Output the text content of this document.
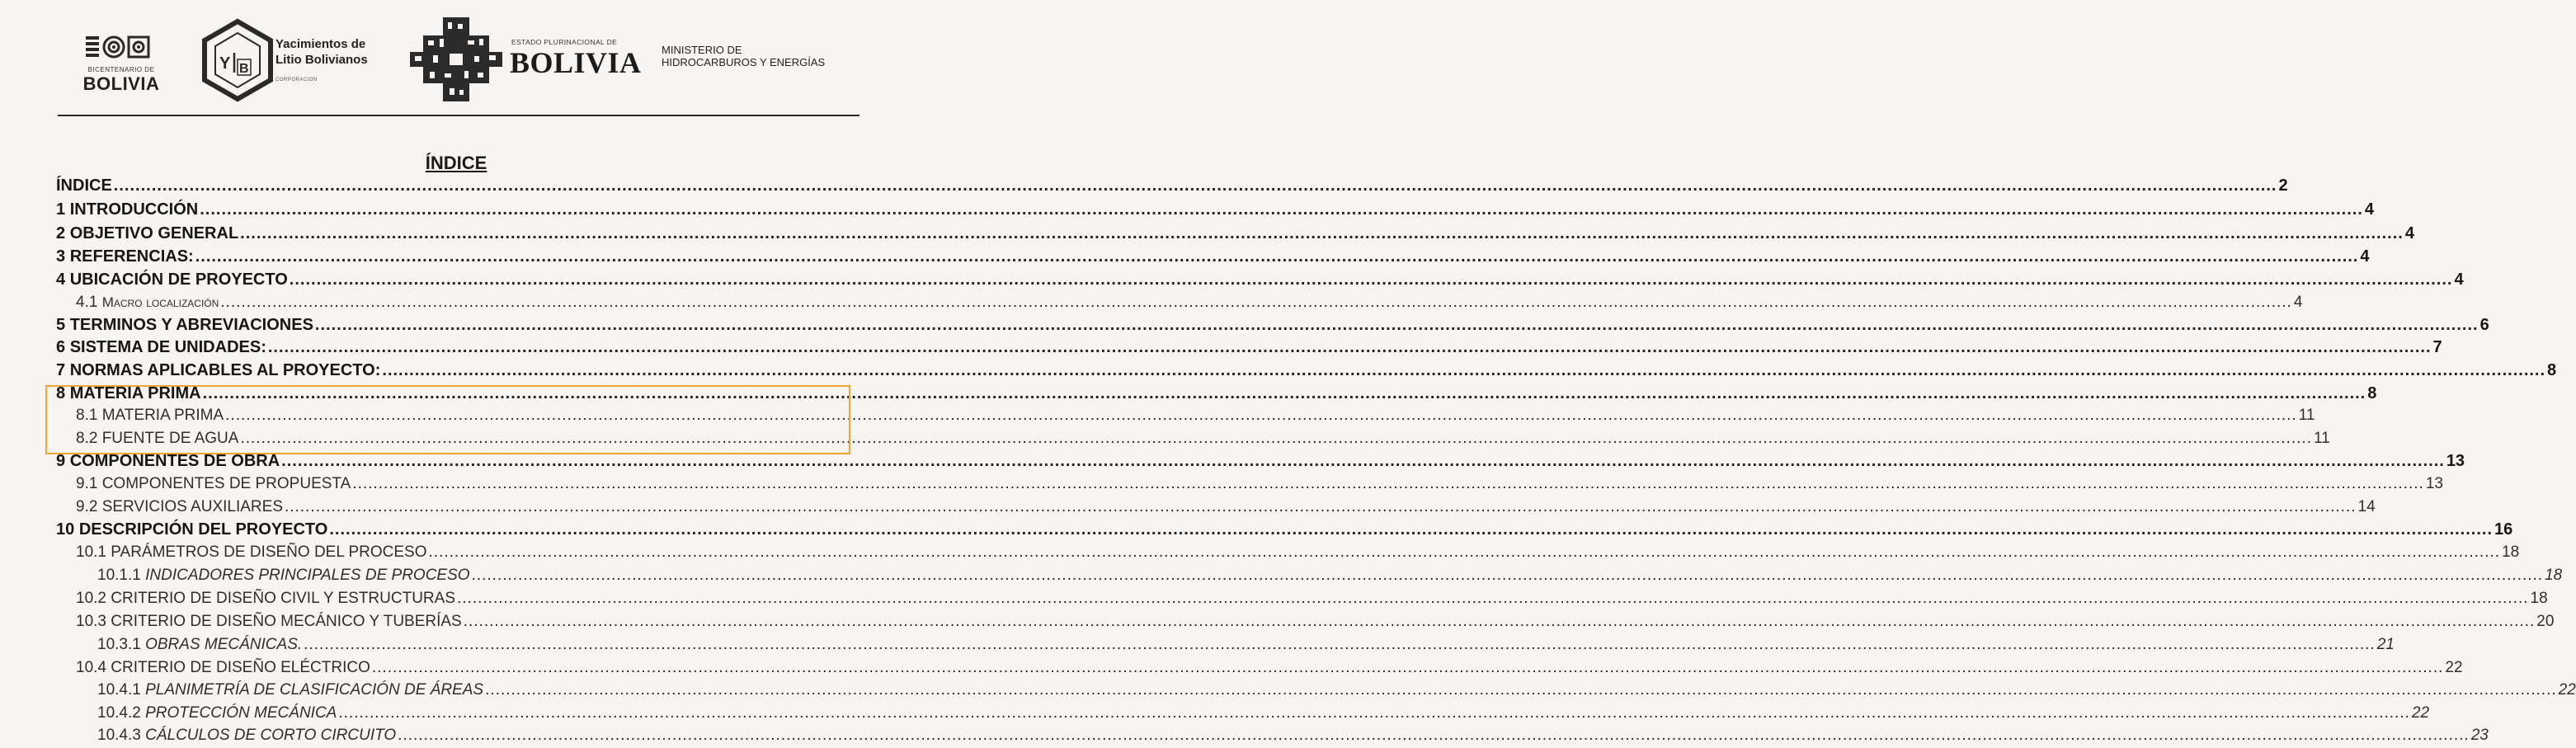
BICENTENARIO DE
BOLIVIA
Y B
Yacimientos de
Litio Bolivianos
CORPORACION
ESTADO PLURINACIONAL DE
BOLIVIA MINISTERIO DE
HIDROCARBUROS Y ENERGÍAS
ÍNDICE
ÍNDICE ................................................................................................................................................................................................................................................................................................................................................................................................................ 2
1 INTRODUCCIÓN ................................................................................................................................................................................................................................................................................................................................................................................................................ 4
2 OBJETIVO GENERAL ................................................................................................................................................................................................................................................................................................................................................................................................................ 4
3 REFERENCIAS: ................................................................................................................................................................................................................................................................................................................................................................................................................ 4
4 UBICACIÓN DE PROYECTO ................................................................................................................................................................................................................................................................................................................................................................................................................ 4
4.1 Macro localización ................................................................................................................................................................................................................................................................................................................................................................................................................ 4
5 TERMINOS Y ABREVIACIONES ................................................................................................................................................................................................................................................................................................................................................................................................................ 6
6 SISTEMA DE UNIDADES: ................................................................................................................................................................................................................................................................................................................................................................................................................ 7
7 NORMAS APLICABLES AL PROYECTO: ................................................................................................................................................................................................................................................................................................................................................................................................................ 8
8 MATERIA PRIMA ................................................................................................................................................................................................................................................................................................................................................................................................................ 8
8.1 MATERIA PRIMA ................................................................................................................................................................................................................................................................................................................................................................................................................ 11
8.2 FUENTE DE AGUA ................................................................................................................................................................................................................................................................................................................................................................................................................ 11
9 COMPONENTES DE OBRA ................................................................................................................................................................................................................................................................................................................................................................................................................ 13
9.1 COMPONENTES DE PROPUESTA ................................................................................................................................................................................................................................................................................................................................................................................................................ 13
9.2 SERVICIOS AUXILIARES ................................................................................................................................................................................................................................................................................................................................................................................................................ 14
10 DESCRIPCIÓN DEL PROYECTO ................................................................................................................................................................................................................................................................................................................................................................................................................ 16
10.1 PARÁMETROS DE DISEÑO DEL PROCESO ................................................................................................................................................................................................................................................................................................................................................................................................................ 18
10.1.1 INDICADORES PRINCIPALES DE PROCESO ................................................................................................................................................................................................................................................................................................................................................................................................................ 18
10.2 CRITERIO DE DISEÑO CIVIL Y ESTRUCTURAS ................................................................................................................................................................................................................................................................................................................................................................................................................ 18
10.3 CRITERIO DE DISEÑO MECÁNICO Y TUBERÍAS ................................................................................................................................................................................................................................................................................................................................................................................................................ 20
10.3.1 OBRAS MECÁNICAS. ................................................................................................................................................................................................................................................................................................................................................................................................................ 21
10.4 CRITERIO DE DISEÑO ELÉCTRICO ................................................................................................................................................................................................................................................................................................................................................................................................................ 22
10.4.1 PLANIMETRÍA DE CLASIFICACIÓN DE ÁREAS ................................................................................................................................................................................................................................................................................................................................................................................................................ 22
10.4.2 PROTECCIÓN MECÁNICA ................................................................................................................................................................................................................................................................................................................................................................................................................ 22
10.4.3 CÁLCULOS DE CORTO CIRCUITO ................................................................................................................................................................................................................................................................................................................................................................................................................ 23
